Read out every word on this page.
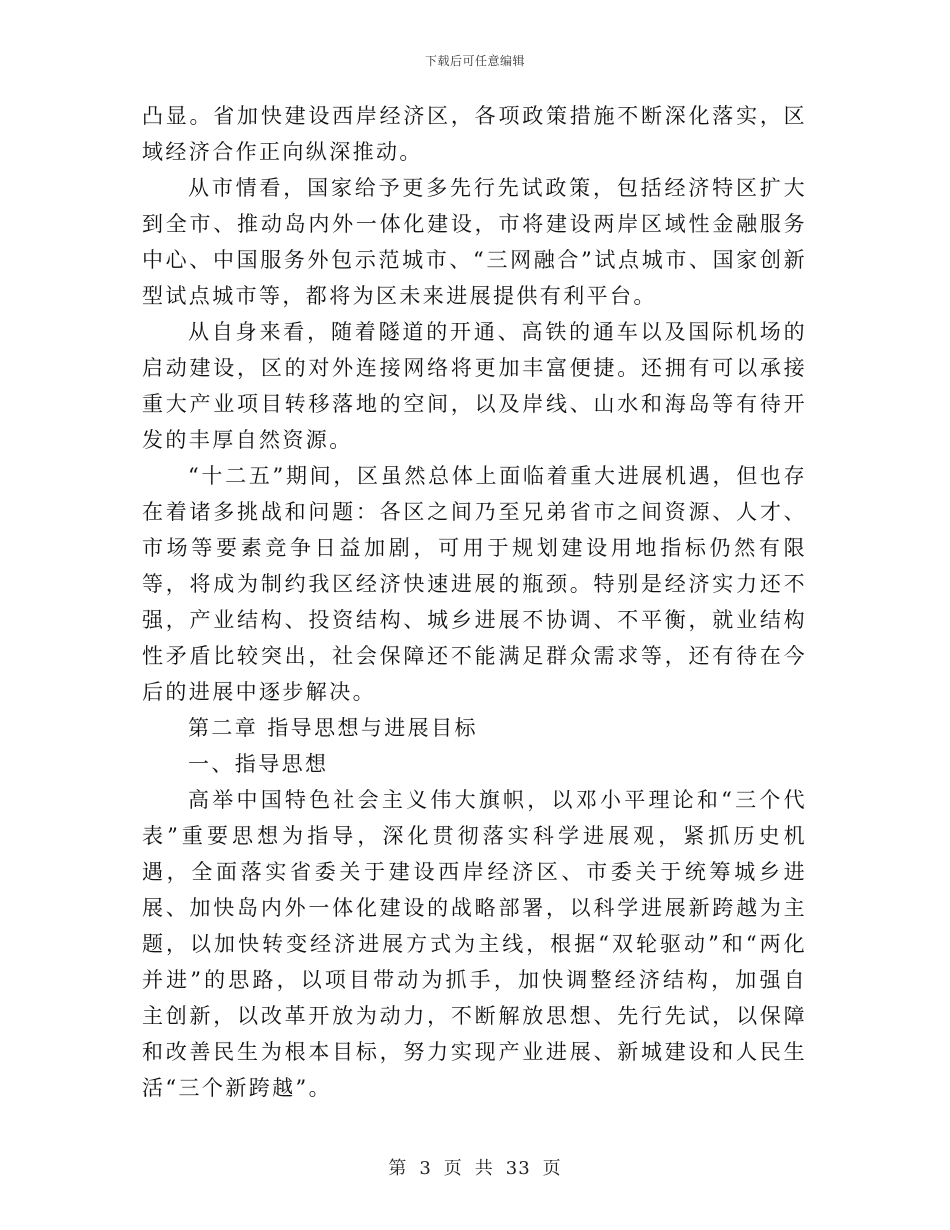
下载后可任意编辑

凸显。省加快建设西岸经济区，各项政策措施不断深化落实，区域经济合作正向纵深推动。

从市情看，国家给予更多先行先试政策，包括经济特区扩大到全市、推动岛内外一体化建设，市将建设两岸区域性金融服务中心、中国服务外包示范城市、“三网融合”试点城市、国家创新型试点城市等，都将为区未来进展提供有利平台。

从自身来看，随着隧道的开通、高铁的通车以及国际机场的启动建设，区的对外连接网络将更加丰富便捷。还拥有可以承接重大产业项目转移落地的空间，以及岸线、山水和海岛等有待开发的丰厚自然资源。

“十二五”期间，区虽然总体上面临着重大进展机遇，但也存在着诸多挑战和问题：各区之间乃至兄弟省市之间资源、人才、市场等要素竞争日益加剧，可用于规划建设用地指标仍然有限等，将成为制约我区经济快速进展的瓶颈。特别是经济实力还不强，产业结构、投资结构、城乡进展不协调、不平衡，就业结构性矛盾比较突出，社会保障还不能满足群众需求等，还有待在今后的进展中逐步解决。

第二章 指导思想与进展目标

一、指导思想

高举中国特色社会主义伟大旗帜，以邓小平理论和“三个代表”重要思想为指导，深化贯彻落实科学进展观，紧抓历史机遇，全面落实省委关于建设西岸经济区、市委关于统筹城乡进展、加快岛内外一体化建设的战略部署，以科学进展新跨越为主题，以加快转变经济进展方式为主线，根据“双轮驱动”和“两化并进”的思路，以项目带动为抓手，加快调整经济结构，加强自主创新，以改革开放为动力，不断解放思想、先行先试，以保障和改善民生为根本目标，努力实现产业进展、新城建设和人民生活“三个新跨越”。

第 3 页 共 33 页
